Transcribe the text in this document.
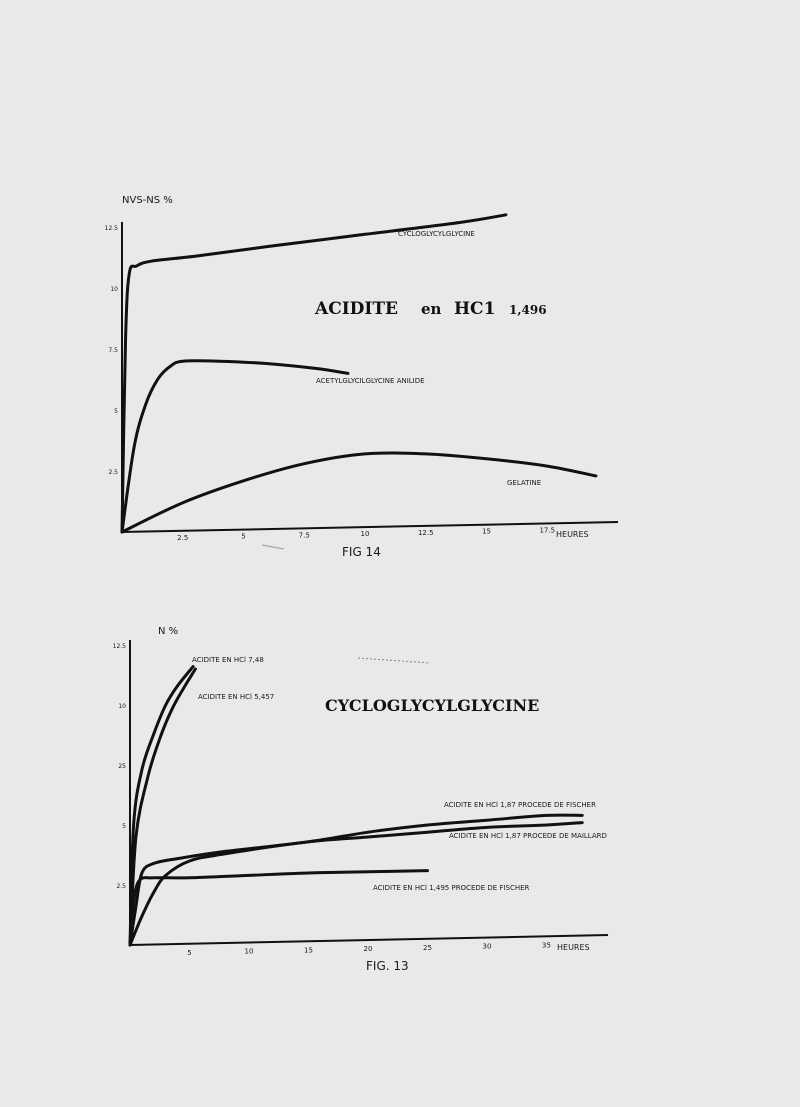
NVS-NS %
HEURES
2.5
5
7.5
10
12.5
2.5	5	7.5	10	12.5	15	17.5
ACIDITE en HC1 1,496
CYCLOGLYCYLGLYCINE
ACETYLGLYCILGLYCINE ANILIDE
GELATINE
FIG 14
N %
HEURES
2.5
25
5
10
12.5
5	10	15	20	25	30	35
CYCLOGLYCYLGLYCINE
ACIDITE EN HCl 7,48
ACIDITE EN HCl 5,457
ACIDITE EN HCl 1,87 PROCEDE DE FISCHER
ACIDITE EN HCl 1,87 PROCEDE DE MAILLARD
ACIDITE EN HCl 1,495 PROCEDE DE FISCHER
FIG. 13
